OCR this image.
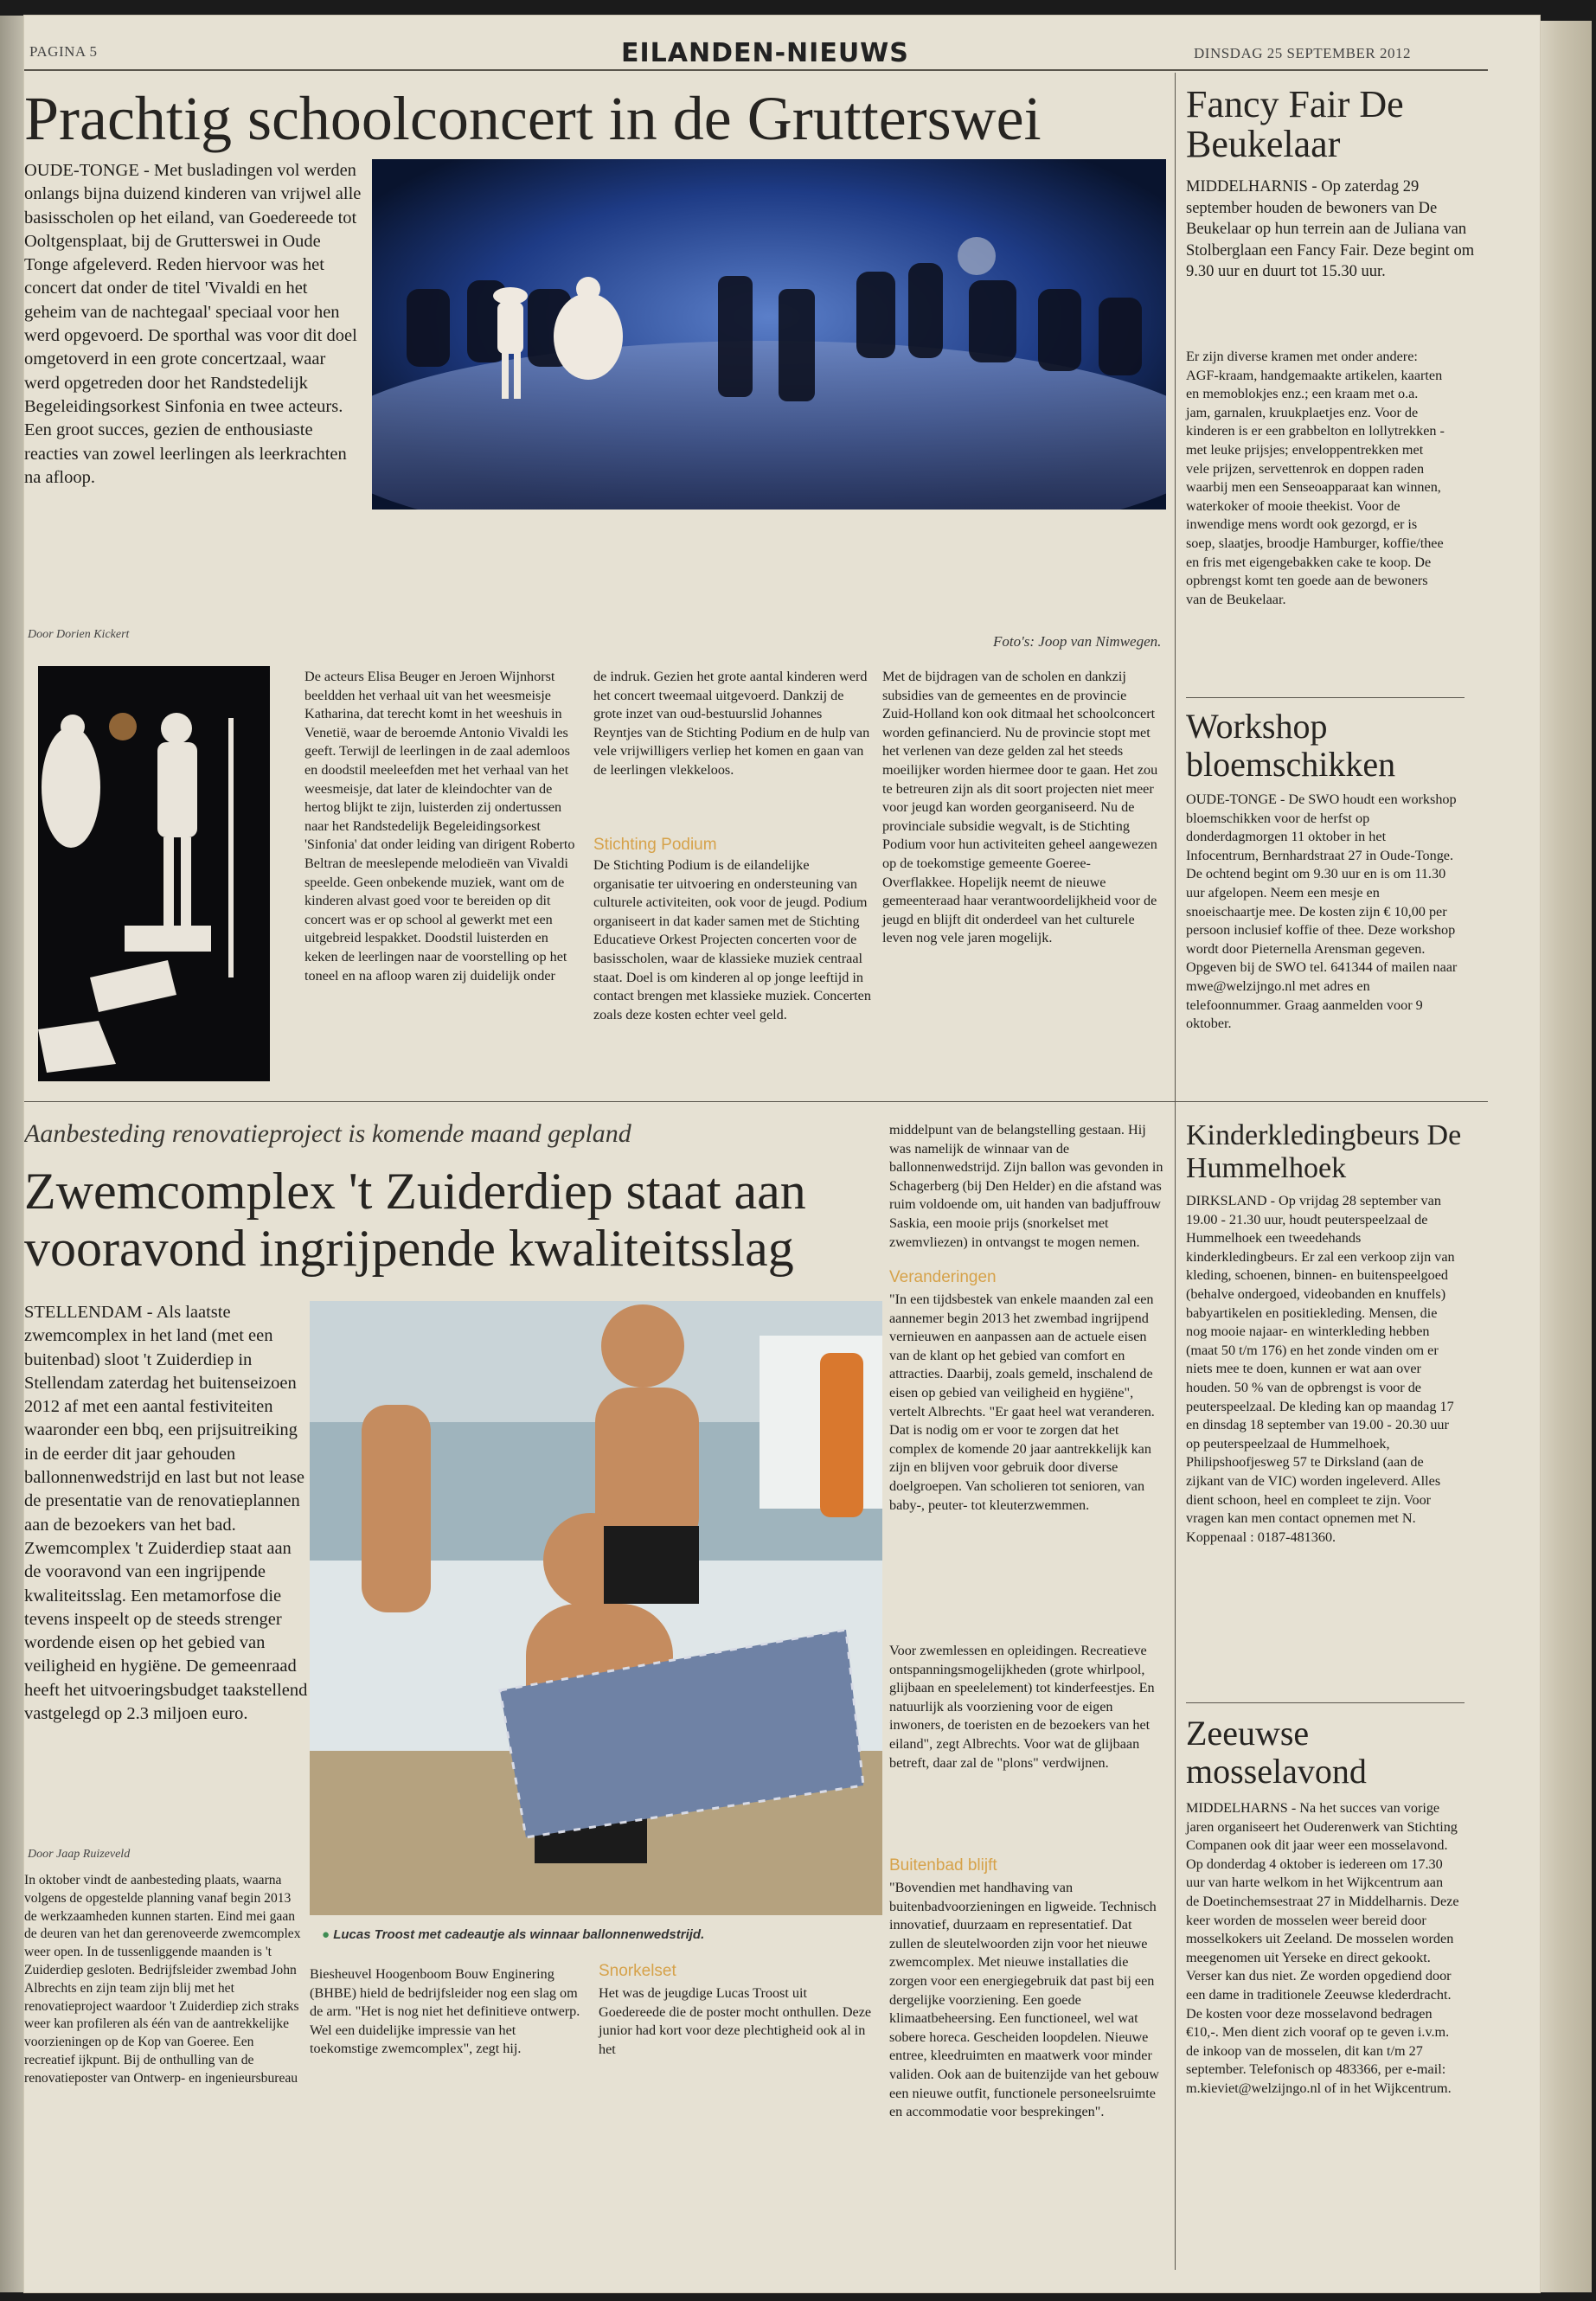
PAGINA 5	EILANDEN-NIEUWS	DINSDAG 25 SEPTEMBER 2012
Prachtig schoolconcert in de Grutterswei
OUDE-TONGE - Met busladingen vol werden onlangs bijna duizend kinderen van vrijwel alle basisscholen op het eiland, van Goedereede tot Ooltgensplaat, bij de Grutterswei in Oude Tonge afgeleverd. Reden hiervoor was het concert dat onder de titel 'Vivaldi en het geheim van de nachtegaal' speciaal voor hen werd opgevoerd. De sporthal was voor dit doel omgetoverd in een grote concertzaal, waar werd opgetreden door het Randstedelijk Begeleidingsorkest Sinfonia en twee acteurs. Een groot succes, gezien de enthousiaste reacties van zowel leerlingen als leerkrachten na afloop.
Door Dorien Kickert	Foto's: Joop van Nimwegen.
De acteurs Elisa Beuger en Jeroen Wijnhorst beeldden het verhaal uit van het weesmeisje Katharina, dat terecht komt in het weeshuis in Venetië, waar de beroemde Antonio Vivaldi les geeft. Terwijl de leerlingen in de zaal ademloos en doodstil meeleefden met het verhaal van het weesmeisje, dat later de kleindochter van de hertog blijkt te zijn, luisterden zij ondertussen naar het Randstedelijk Begeleidingsorkest 'Sinfonia' dat onder leiding van dirigent Roberto Beltran de meeslepende melodieën van Vivaldi speelde. Geen onbekende muziek, want om de kinderen alvast goed voor te bereiden op dit concert was er op school al gewerkt met een uitgebreid lespakket. Doodstil luisterden en keken de leerlingen naar de voorstelling op het toneel en na afloop waren zij duidelijk onder
de indruk. Gezien het grote aantal kinderen werd het concert tweemaal uitgevoerd. Dankzij de grote inzet van oud-bestuurslid Johannes Reyntjes van de Stichting Podium en de hulp van vele vrijwilligers verliep het komen en gaan van de leerlingen vlekkeloos.
Stichting Podium
De Stichting Podium is de eilandelijke organisatie ter uitvoering en ondersteuning van culturele activiteiten, ook voor de jeugd. Podium organiseert in dat kader samen met de Stichting Educatieve Orkest Projecten concerten voor de basisscholen, waar de klassieke muziek centraal staat. Doel is om kinderen al op jonge leeftijd in contact brengen met klassieke muziek. Concerten zoals deze kosten echter veel geld.
Met de bijdragen van de scholen en dankzij subsidies van de gemeentes en de provincie Zuid-Holland kon ook ditmaal het schoolconcert worden gefinancierd. Nu de provincie stopt met het verlenen van deze gelden zal het steeds moeilijker worden hiermee door te gaan. Het zou te betreuren zijn als dit soort projecten niet meer voor jeugd kan worden georganiseerd. Nu de provinciale subsidie wegvalt, is de Stichting Podium voor hun activiteiten geheel aangewezen op de toekomstige gemeente Goeree-Overflakkee. Hopelijk neemt de nieuwe gemeenteraad haar verantwoordelijkheid voor de jeugd en blijft dit onderdeel van het culturele leven nog vele jaren mogelijk.
Fancy Fair De Beukelaar
MIDDELHARNIS - Op zaterdag 29 september houden de bewoners van De Beukelaar op hun terrein aan de Juliana van Stolberglaan een Fancy Fair. Deze begint om 9.30 uur en duurt tot 15.30 uur.
Er zijn diverse kramen met onder andere: AGF-kraam, handgemaakte artikelen, kaarten en memoblokjes enz.; een kraam met o.a. jam, garnalen, kruukplaetjes enz. Voor de kinderen is er een grabbelton en lollytrekken - met leuke prijsjes; enveloppentrekken met vele prijzen, servettenrok en doppen raden waarbij men een Senseoapparaat kan winnen, waterkoker of mooie theekist. Voor de inwendige mens wordt ook gezorgd, er is soep, slaatjes, broodje Hamburger, koffie/thee en fris met eigengebakken cake te koop. De opbrengst komt ten goede aan de bewoners van de Beukelaar.
Workshop bloemschikken
OUDE-TONGE - De SWO houdt een workshop bloemschikken voor de herfst op donderdagmorgen 11 oktober in het Infocentrum, Bernhardstraat 27 in Oude-Tonge. De ochtend begint om 9.30 uur en is om 11.30 uur afgelopen. Neem een mesje en snoeischaartje mee. De kosten zijn € 10,00 per persoon inclusief koffie of thee. Deze workshop wordt door Pieternella Arensman gegeven. Opgeven bij de SWO tel. 641344 of mailen naar mwe@welzijngo.nl met adres en telefoonnummer. Graag aanmelden voor 9 oktober.
Kinderkledingbeurs De Hummelhoek
DIRKSLAND - Op vrijdag 28 september van 19.00 - 21.30 uur, houdt peuterspeelzaal de Hummelhoek een tweedehands kinderkledingbeurs. Er zal een verkoop zijn van kleding, schoenen, binnen- en buitenspeelgoed (behalve ondergoed, videobanden en knuffels) babyartikelen en positiekleding. Mensen, die nog mooie najaar- en winterkleding hebben (maat 50 t/m 176) en het zonde vinden om er niets mee te doen, kunnen er wat aan over houden. 50 % van de opbrengst is voor de peuterspeelzaal. De kleding kan op maandag 17 en dinsdag 18 september van 19.00 - 20.30 uur op peuterspeelzaal de Hummelhoek, Philipshoofjesweg 57 te Dirksland (aan de zijkant van de VIC) worden ingeleverd. Alles dient schoon, heel en compleet te zijn. Voor vragen kan men contact opnemen met N. Koppenaal : 0187-481360.
Zeeuwse mosselavond
MIDDELHARNS - Na het succes van vorige jaren organiseert het Ouderenwerk van Stichting Companen ook dit jaar weer een mosselavond. Op donderdag 4 oktober is iedereen om 17.30 uur van harte welkom in het Wijkcentrum aan de Doetinchemsestraat 27 in Middelharnis. Deze keer worden de mosselen weer bereid door mosselkokers uit Zeeland. De mosselen worden meegenomen uit Yerseke en direct gekookt. Verser kan dus niet. Ze worden opgediend door een dame in traditionele Zeeuwse klederdracht. De kosten voor deze mosselavond bedragen €10,-. Men dient zich vooraf op te geven i.v.m. de inkoop van de mosselen, dit kan t/m 27 september. Telefonisch op 483366, per e-mail: m.kieviet@welzijngo.nl of in het Wijkcentrum.
Aanbesteding renovatieproject is komende maand gepland
Zwemcomplex 't Zuiderdiep staat aan vooravond ingrijpende kwaliteitsslag
STELLENDAM - Als laatste zwemcomplex in het land (met een buitenbad) sloot 't Zuiderdiep in Stellendam zaterdag het buitenseizoen 2012 af met een aantal festiviteiten waaronder een bbq, een prijsuitreiking in de eerder dit jaar gehouden ballonnenwedstrijd en last but not lease de presentatie van de renovatieplannen aan de bezoekers van het bad. Zwemcomplex 't Zuiderdiep staat aan de vooravond van een ingrijpende kwaliteitsslag. Een metamorfose die tevens inspeelt op de steeds strenger wordende eisen op het gebied van veiligheid en hygiëne. De gemeenraad heeft het uitvoeringsbudget taakstellend vastgelegd op 2.3 miljoen euro.
Door Jaap Ruizeveld
In oktober vindt de aanbesteding plaats, waarna volgens de opgestelde planning vanaf begin 2013 de werkzaamheden kunnen starten. Eind mei gaan de deuren van het dan gerenoveerde zwemcomplex weer open. In de tussenliggende maanden is 't Zuiderdiep gesloten. Bedrijfsleider zwembad John Albrechts en zijn team zijn blij met het renovatieproject waardoor 't Zuiderdiep zich straks weer kan profileren als één van de aantrekkelijke voorzieningen op de Kop van Goeree. Een recreatief ijkpunt. Bij de onthulling van de renovatieposter van Ontwerp- en ingenieursbureau
● Lucas Troost met cadeautje als winnaar ballonnenwedstrijd.
Biesheuvel Hoogenboom Bouw Enginering (BHBE) hield de bedrijfsleider nog een slag om de arm. "Het is nog niet het definitieve ontwerp. Wel een duidelijke impressie van het toekomstige zwemcomplex", zegt hij.
Snorkelset
Het was de jeugdige Lucas Troost uit Goedereede die de poster mocht onthullen. Deze junior had kort voor deze plechtigheid ook al in het
middelpunt van de belangstelling gestaan. Hij was namelijk de winnaar van de ballonnenwedstrijd. Zijn ballon was gevonden in Schagerberg (bij Den Helder) en die afstand was ruim voldoende om, uit handen van badjuffrouw Saskia, een mooie prijs (snorkelset met zwemvliezen) in ontvangst te mogen nemen.
Veranderingen
"In een tijdsbestek van enkele maanden zal een aannemer begin 2013 het zwembad ingrijpend vernieuwen en aanpassen aan de actuele eisen van de klant op het gebied van comfort en attracties. Daarbij, zoals gemeld, inschalend de eisen op gebied van veiligheid en hygiëne", vertelt Albrechts. "Er gaat heel wat veranderen. Dat is nodig om er voor te zorgen dat het complex de komende 20 jaar aantrekkelijk kan zijn en blijven voor gebruik door diverse doelgroepen. Van scholieren tot senioren, van baby-, peuter- tot kleuterzwemmen.
Voor zwemlessen en opleidingen. Recreatieve ontspanningsmogelijkheden (grote whirlpool, glijbaan en speelelement) tot kinderfeestjes. En natuurlijk als voorziening voor de eigen inwoners, de toeristen en de bezoekers van het eiland", zegt Albrechts. Voor wat de glijbaan betreft, daar zal de "plons" verdwijnen.
Buitenbad blijft
"Bovendien met handhaving van buitenbadvoorzieningen en ligweide. Technisch innovatief, duurzaam en representatief. Dat zullen de sleutelwoorden zijn voor het nieuwe zwemcomplex. Met nieuwe installaties die zorgen voor een energiegebruik dat past bij een dergelijke voorziening. Een goede klimaatbeheersing. Een functioneel, wel wat sobere horeca. Gescheiden loopdelen. Nieuwe entree, kleedruimten en maatwerk voor minder validen. Ook aan de buitenzijde van het gebouw een nieuwe outfit, functionele personeelsruimte en accommodatie voor besprekingen".
